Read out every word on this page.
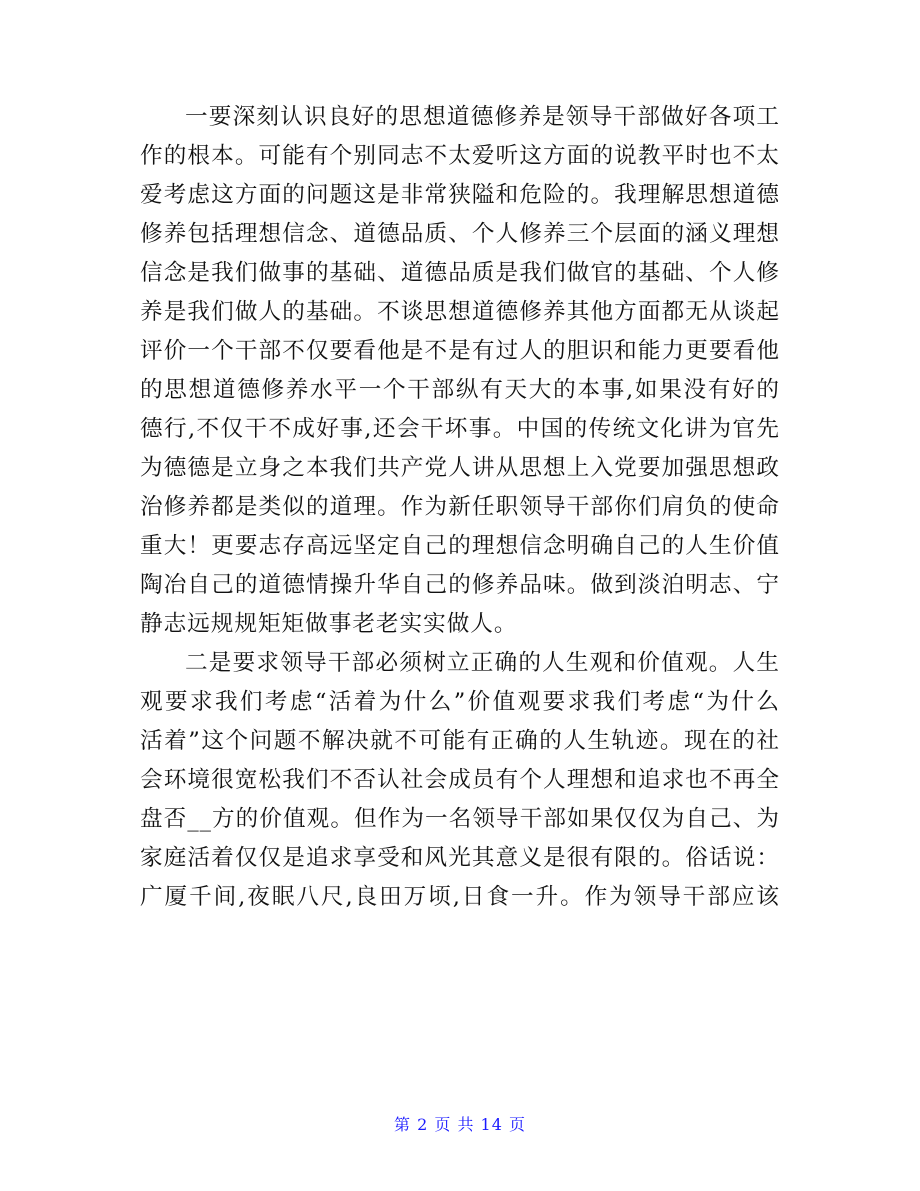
一要深刻认识良好的思想道德修养是领导干部做好各项工
作的根本。可能有个别同志不太爱听这方面的说教平时也不太
爱考虑这方面的问题这是非常狭隘和危险的。我理解思想道德
修养包括理想信念、道德品质、个人修养三个层面的涵义理想
信念是我们做事的基础、道德品质是我们做官的基础、个人修
养是我们做人的基础。不谈思想道德修养其他方面都无从谈起
评价一个干部不仅要看他是不是有过人的胆识和能力更要看他
的思想道德修养水平一个干部纵有天大的本事,如果没有好的
德行,不仅干不成好事,还会干坏事。中国的传统文化讲为官先
为德德是立身之本我们共产党人讲从思想上入党要加强思想政
治修养都是类似的道理。作为新任职领导干部你们肩负的使命
重大！更要志存高远坚定自己的理想信念明确自己的人生价值
陶冶自己的道德情操升华自己的修养品味。做到淡泊明志、宁
静志远规规矩矩做事老老实实做人。
二是要求领导干部必须树立正确的人生观和价值观。人生
观要求我们考虑“活着为什么”价值观要求我们考虑“为什么
活着”这个问题不解决就不可能有正确的人生轨迹。现在的社
会环境很宽松我们不否认社会成员有个人理想和追求也不再全
盘否__方的价值观。但作为一名领导干部如果仅仅为自己、为
家庭活着仅仅是追求享受和风光其意义是很有限的。俗话说：
广厦千间,夜眠八尺,良田万顷,日食一升。作为领导干部应该
第 2 页 共 14 页
